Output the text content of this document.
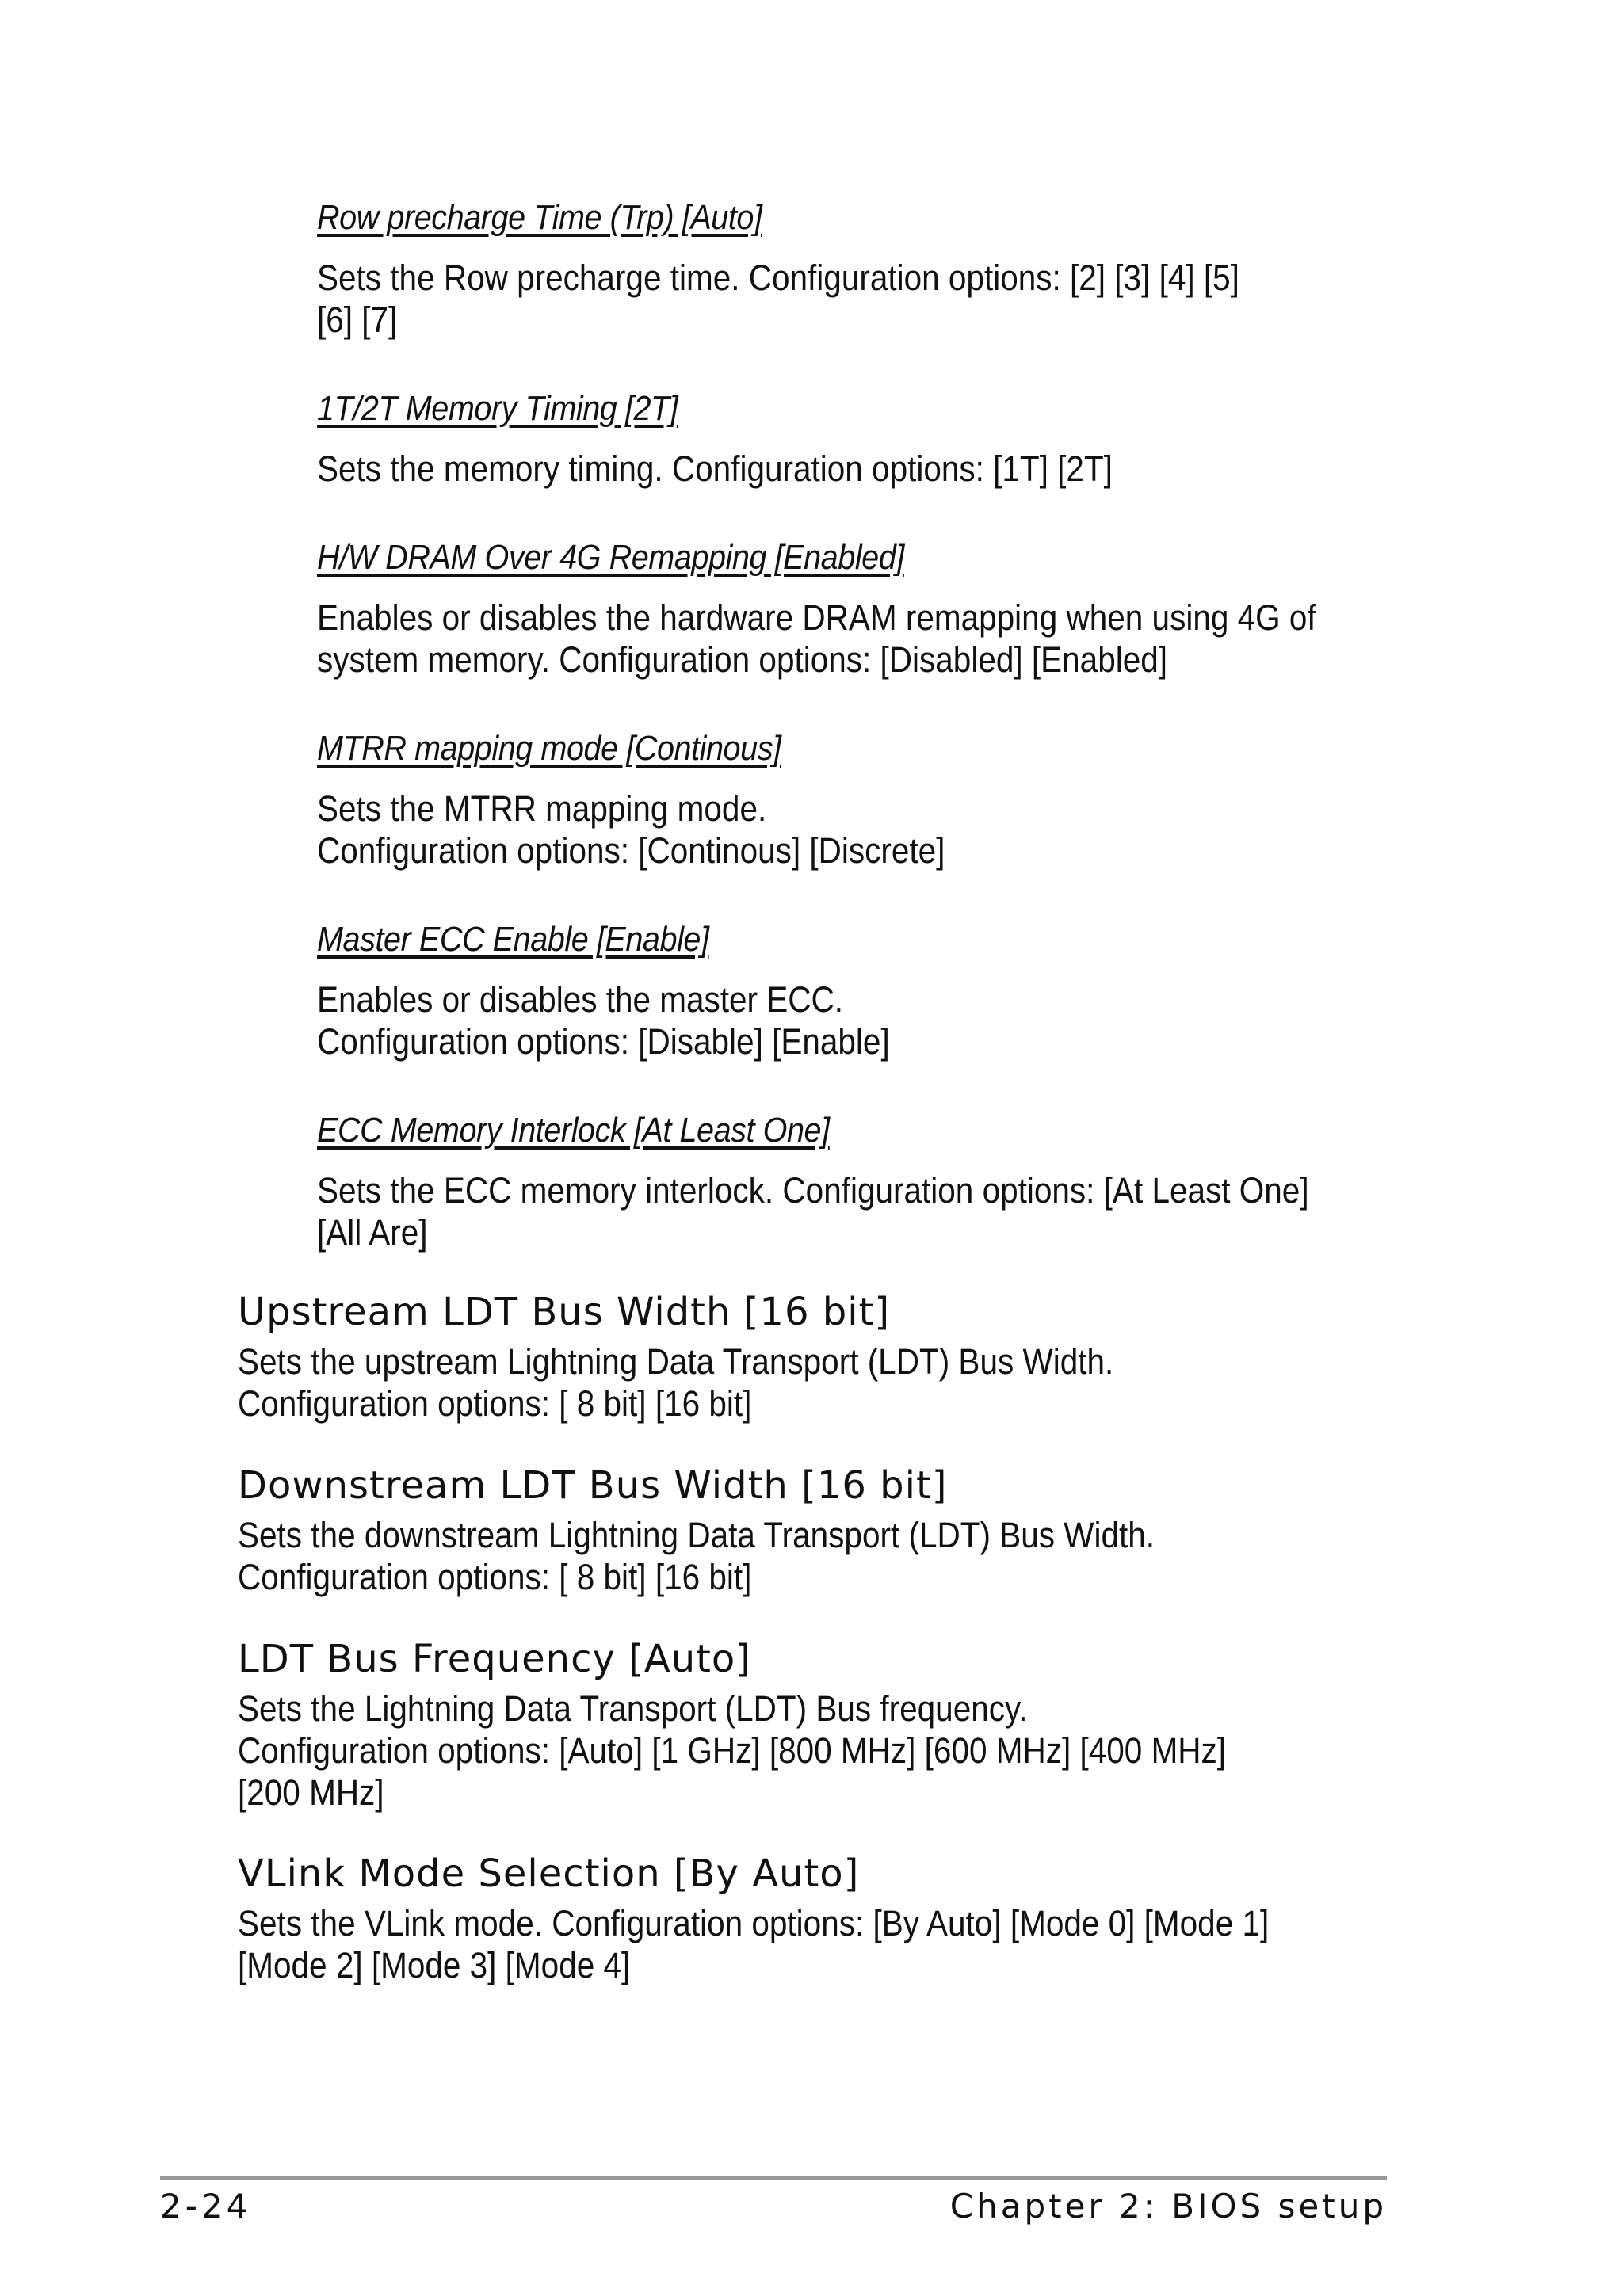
Row precharge Time (Trp) [Auto]
Sets the Row precharge time. Configuration options: [2] [3] [4] [5]
[6] [7]
1T/2T Memory Timing [2T]
Sets the memory timing. Configuration options: [1T] [2T]
H/W DRAM Over 4G Remapping [Enabled]
Enables or disables the hardware DRAM remapping when using 4G of
system memory. Configuration options: [Disabled] [Enabled]
MTRR mapping mode [Continous]
Sets the MTRR mapping mode.
Configuration options: [Continous] [Discrete]
Master ECC Enable [Enable]
Enables or disables the master ECC.
Configuration options: [Disable] [Enable]
ECC Memory Interlock [At Least One]
Sets the ECC memory interlock. Configuration options: [At Least One]
[All Are]
Upstream LDT Bus Width [16 bit]
Sets the upstream Lightning Data Transport (LDT) Bus Width.
Configuration options: [ 8 bit] [16 bit]
Downstream LDT Bus Width [16 bit]
Sets the downstream Lightning Data Transport (LDT) Bus Width.
Configuration options: [ 8 bit] [16 bit]
LDT Bus Frequency [Auto]
Sets the Lightning Data Transport (LDT) Bus frequency.
Configuration options: [Auto] [1 GHz] [800 MHz] [600 MHz] [400 MHz]
[200 MHz]
VLink Mode Selection [By Auto]
Sets the VLink mode. Configuration options: [By Auto] [Mode 0] [Mode 1]
[Mode 2] [Mode 3] [Mode 4]
2-24	Chapter 2: BIOS setup
